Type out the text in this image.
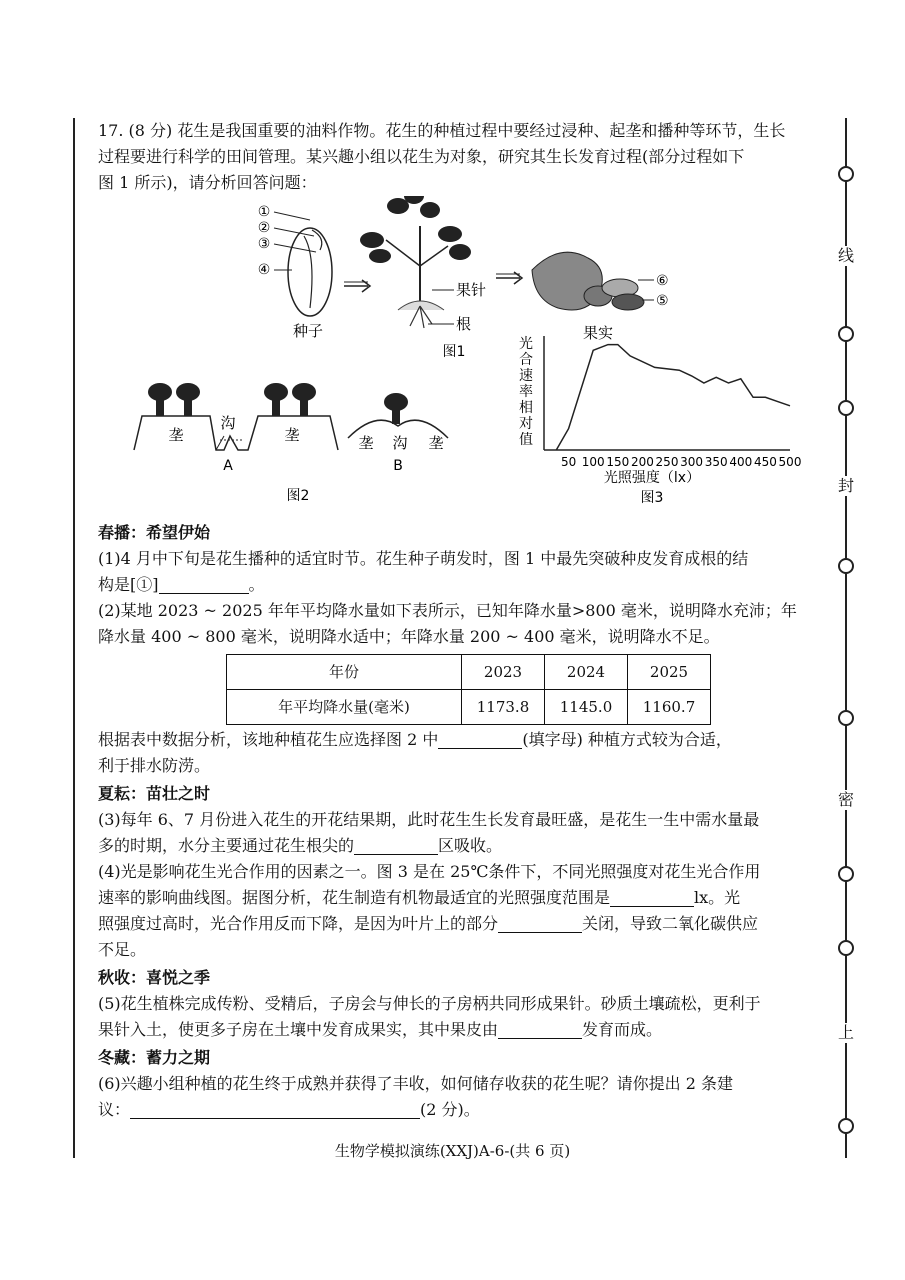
线
封
密
上

17. (8 分) 花生是我国重要的油料作物。花生的种植过程中要经过浸种、起垄和播种等环节，生长

过程要进行科学的田间管理。某兴趣小组以花生为对象，研究其生长发育过程(部分过程如下

图 1 所示)，请分析回答问题：

①
②
③
④
种子
果针
根
图1
⑥
⑤
果实
垄
沟
垄
A
垄 沟 垄
B
图2
光
合
速
率
相
对
值
50 100 150 200 250 300 350 400 450 500
光照强度（lx）
图3

春播：希望伊始

(1)4 月中下旬是花生播种的适宜时节。花生种子萌发时，图 1 中最先突破种皮发育成根的结

构是[①]	。

(2)某地 2023 ~ 2025 年年平均降水量如下表所示，已知年降水量>800 毫米，说明降水充沛；年

降水量 400 ~ 800 毫米，说明降水适中；年降水量 200 ~ 400 毫米，说明降水不足。

年份	2023	2024	2025
年平均降水量(毫米)	1173.8	1145.0	1160.7

根据表中数据分析，该地种植花生应选择图 2 中	(填字母) 种植方式较为合适，

利于排水防涝。

夏耘：苗壮之时

(3)每年 6、7 月份进入花生的开花结果期，此时花生生长发育最旺盛，是花生一生中需水量最

多的时期，水分主要通过花生根尖的	区吸收。

(4)光是影响花生光合作用的因素之一。图 3 是在 25℃条件下，不同光照强度对花生光合作用

速率的影响曲线图。据图分析，花生制造有机物最适宜的光照强度范围是	lx。光

照强度过高时，光合作用反而下降，是因为叶片上的部分	关闭，导致二氧化碳供应

不足。

秋收：喜悦之季

(5)花生植株完成传粉、受精后，子房会与伸长的子房柄共同形成果针。砂质土壤疏松，更利于

果针入土，使更多子房在土壤中发育成果实，其中果皮由	发育而成。

冬藏：蓄力之期

(6)兴趣小组种植的花生终于成熟并获得了丰收，如何储存收获的花生呢？请你提出 2 条建

议：	(2 分)。

生物学模拟演练(XXJ)A-6-(共 6 页)
